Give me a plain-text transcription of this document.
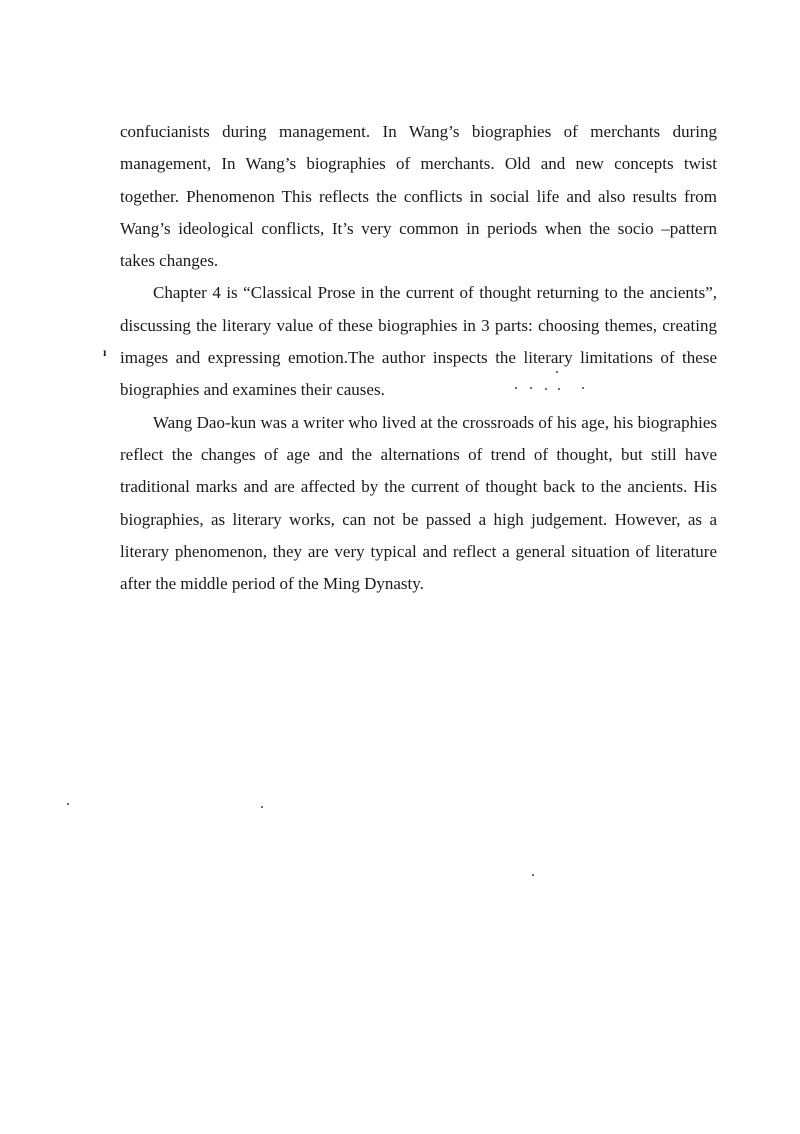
confucianists during management. In Wang’s biographies of merchants during management, In Wang’s biographies of merchants. Old and new concepts twist together. Phenomenon This reflects the conflicts in social life and also results from Wang’s ideological conflicts, It’s very common in periods when the socio –pattern takes changes.

Chapter 4 is “Classical Prose in the current of thought returning to the ancients”, discussing the literary value of these biographies in 3 parts: choosing themes, creating images and expressing emotion.The author inspects the literary limitations of these biographies and examines their causes.

Wang Dao-kun was a writer who lived at the crossroads of his age, his biographies reflect the changes of age and the alternations of trend of thought, but still have traditional marks and are affected by the current of thought back to the ancients. His biographies, as literary works, can not be passed a high judgement. However, as a literary phenomenon, they are very typical and reflect a general situation of literature after the middle period of the Ming Dynasty.

ɪ
